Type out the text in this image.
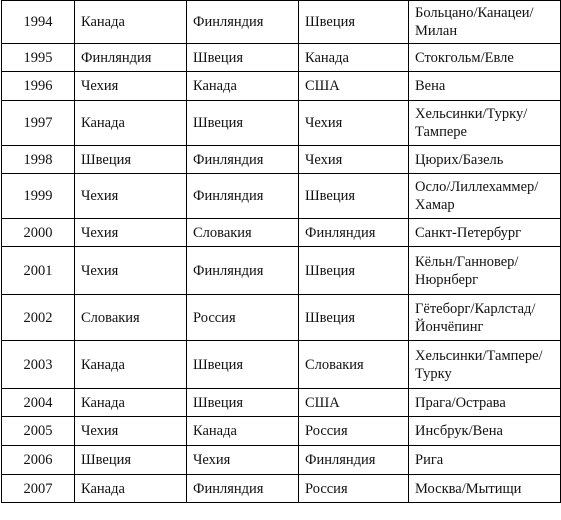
1994	Канада	Финляндия	Швеция	Больцано/Канацеи/
Милан

1995	Финляндия	Швеция	Канада	Стокгольм/Евле

1996	Чехия	Канада	США	Вена

1997	Канада	Швеция	Чехия	Хельсинки/Турку/
Тампере

1998	Швеция	Финляндия	Чехия	Цюрих/Базель

1999	Чехия	Финляндия	Швеция	Осло/Лиллехаммер/
Хамар

2000	Чехия	Словакия	Финляндия	Санкт-Петербург

2001	Чехия	Финляндия	Швеция	Кёльн/Ганновер/
Нюрнберг

2002	Словакия	Россия	Швеция	Гётеборг/Карлстад/
Йончёпинг

2003	Канада	Швеция	Словакия	Хельсинки/Тампере/
Турку

2004	Канада	Швеция	США	Прага/Острава

2005	Чехия	Канада	Россия	Инсбрук/Вена

2006	Швеция	Чехия	Финляндия	Рига

2007	Канада	Финляндия	Россия	Москва/Мытищи
